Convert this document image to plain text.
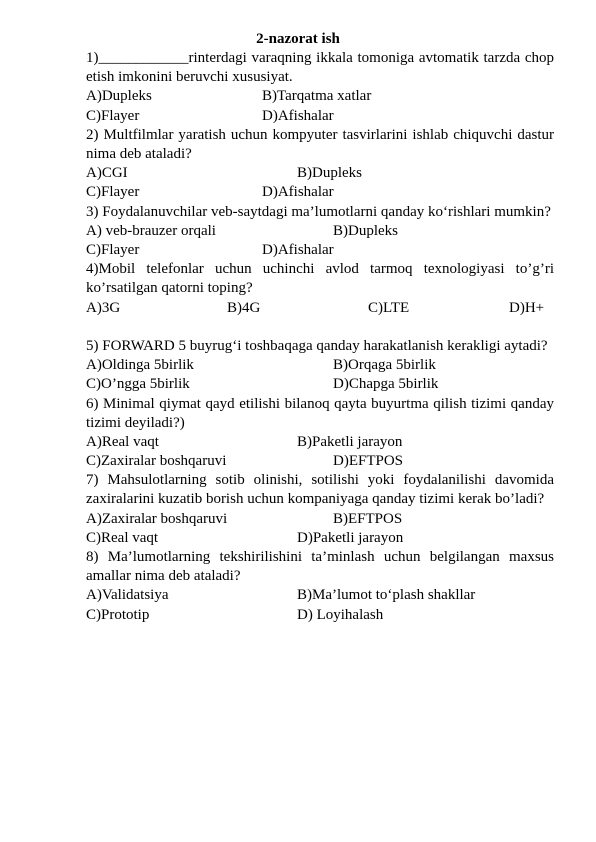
2-nazorat ish

1)____________rinterdagi varaqning ikkala tomoniga avtomatik tarzda chop etish imkonini beruvchi xususiyat.

A)Dupleks	B)Tarqatma xatlar
C)Flayer	D)Afishalar

2) Multfilmlar yaratish uchun kompyuter tasvirlarini ishlab chiquvchi dastur nima deb ataladi?

A)CGI	B)Dupleks
C)Flayer	D)Afishalar

3) Foydalanuvchilar veb-saytdagi ma’lumotlarni qanday ko‘rishlari mumkin?

A) veb-brauzer orqali	B)Dupleks
C)Flayer	D)Afishalar

4)Mobil telefonlar uchun uchinchi avlod tarmoq texnologiyasi to’g’ri ko’rsatilgan qatorni toping?

A)3G	B)4G	C)LTE	D)H+

5) FORWARD 5 buyrug‘i toshbaqaga qanday harakatlanish kerakligi aytadi?

A)Oldinga 5birlik	B)Orqaga 5birlik
C)O’ngga 5birlik	D)Chapga 5birlik

6) Minimal qiymat qayd etilishi bilanoq qayta buyurtma qilish tizimi qanday tizimi deyiladi?)

A)Real vaqt	B)Paketli jarayon
C)Zaxiralar boshqaruvi	D)EFTPOS

7) Mahsulotlarning sotib olinishi, sotilishi yoki foydalanilishi davomida zaxiralarini kuzatib borish uchun kompaniyaga qanday tizimi kerak bo’ladi?

A)Zaxiralar boshqaruvi	B)EFTPOS
C)Real vaqt	D)Paketli jarayon

8) Ma’lumotlarning tekshirilishini ta’minlash uchun belgilangan maxsus amallar nima deb ataladi?

A)Validatsiya	B)Ma’lumot to‘plash shakllar
C)Prototip	D) Loyihalash
